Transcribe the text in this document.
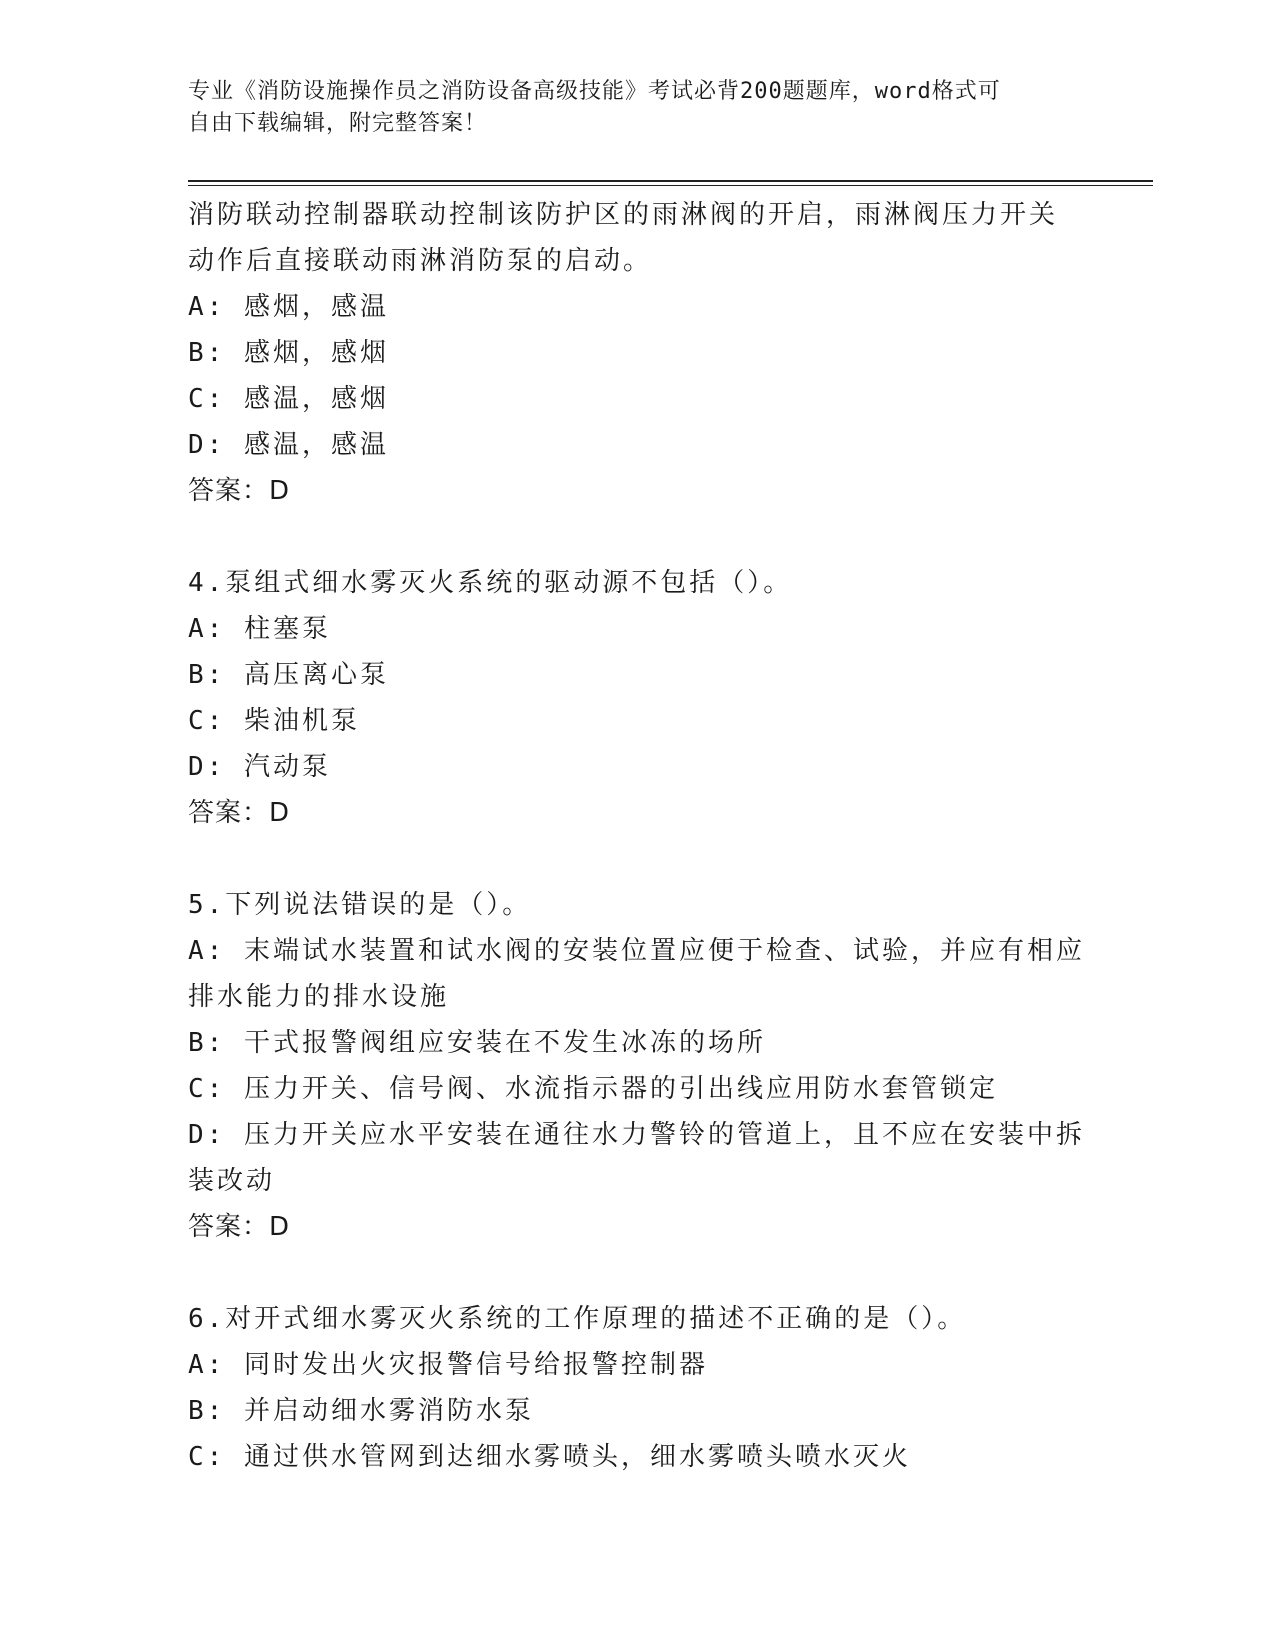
专业《消防设施操作员之消防设备高级技能》考试必背200题题库，word格式可
自由下载编辑，附完整答案！
消防联动控制器联动控制该防护区的雨淋阀的开启，雨淋阀压力开关
动作后直接联动雨淋消防泵的启动。
A: 感烟，感温
B: 感烟，感烟
C: 感温，感烟
D: 感温，感温
答案：D
4.泵组式细水雾灭火系统的驱动源不包括（）。
A: 柱塞泵
B: 高压离心泵
C: 柴油机泵
D: 汽动泵
答案：D
5.下列说法错误的是（）。
A: 末端试水装置和试水阀的安装位置应便于检查、试验，并应有相应
排水能力的排水设施
B: 干式报警阀组应安装在不发生冰冻的场所
C: 压力开关、信号阀、水流指示器的引出线应用防水套管锁定
D: 压力开关应水平安装在通往水力警铃的管道上，且不应在安装中拆
装改动
答案：D
6.对开式细水雾灭火系统的工作原理的描述不正确的是（）。
A: 同时发出火灾报警信号给报警控制器
B: 并启动细水雾消防水泵
C: 通过供水管网到达细水雾喷头，细水雾喷头喷水灭火
